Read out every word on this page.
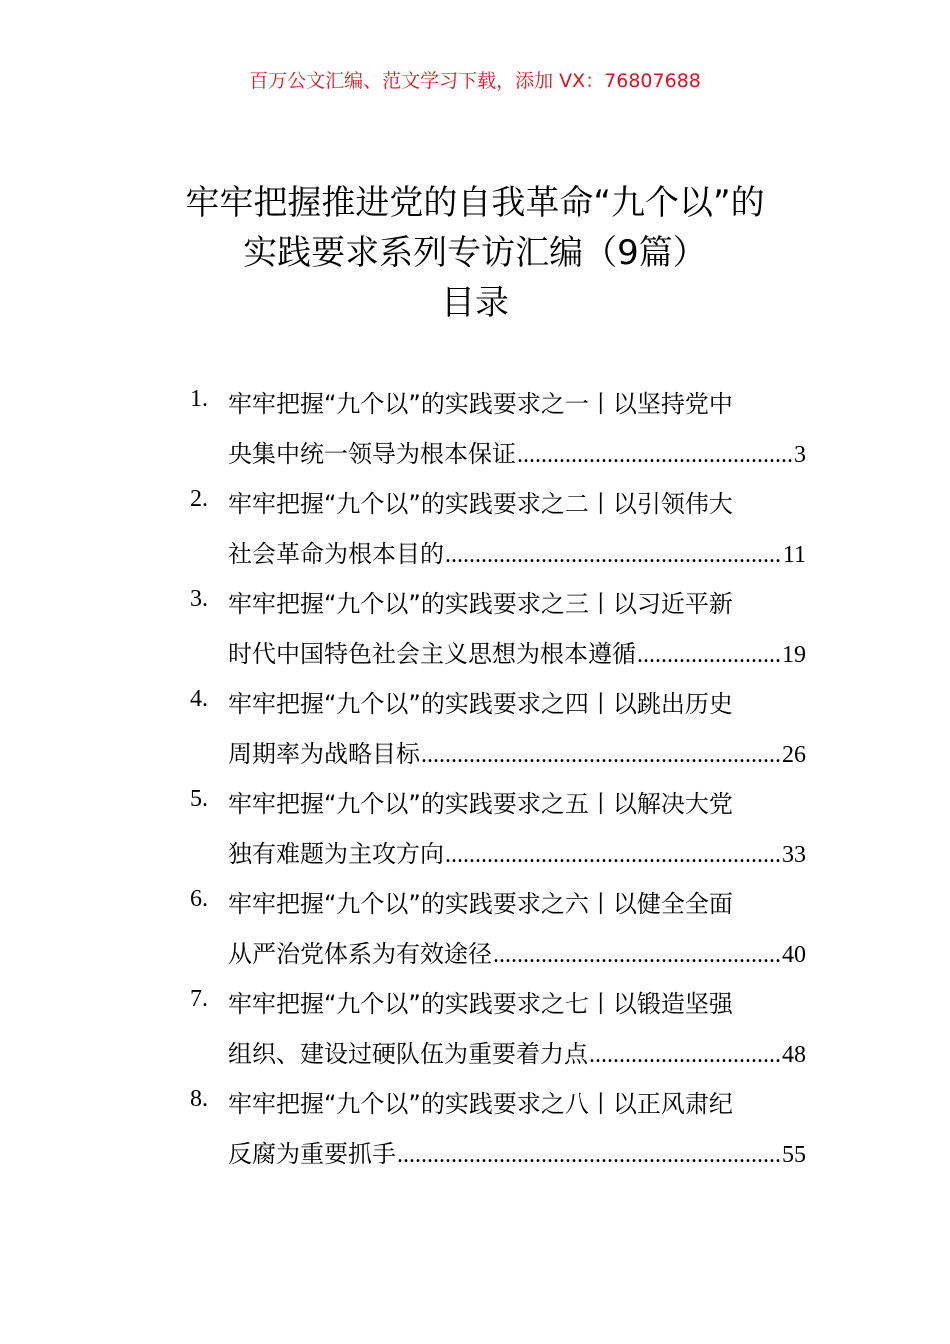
百万公文汇编、范文学习下载，添加 VX：76807688
牢牢把握推进党的自我革命“九个以”的
实践要求系列专访汇编（9篇）
目录
1. 牢牢把握“九个以”的实践要求之一丨以坚持党中
央集中统一领导为根本保证 .....	3
2. 牢牢把握“九个以”的实践要求之二丨以引领伟大
社会革命为根本目的 .....	11
3. 牢牢把握“九个以”的实践要求之三丨以习近平新
时代中国特色社会主义思想为根本遵循 .....	19
4. 牢牢把握“九个以”的实践要求之四丨以跳出历史
周期率为战略目标 .....	26
5. 牢牢把握“九个以”的实践要求之五丨以解决大党
独有难题为主攻方向 .....	33
6. 牢牢把握“九个以”的实践要求之六丨以健全全面
从严治党体系为有效途径 .....	40
7. 牢牢把握“九个以”的实践要求之七丨以锻造坚强
组织、建设过硬队伍为重要着力点 .....	48
8. 牢牢把握“九个以”的实践要求之八丨以正风肃纪
反腐为重要抓手 .....	55
